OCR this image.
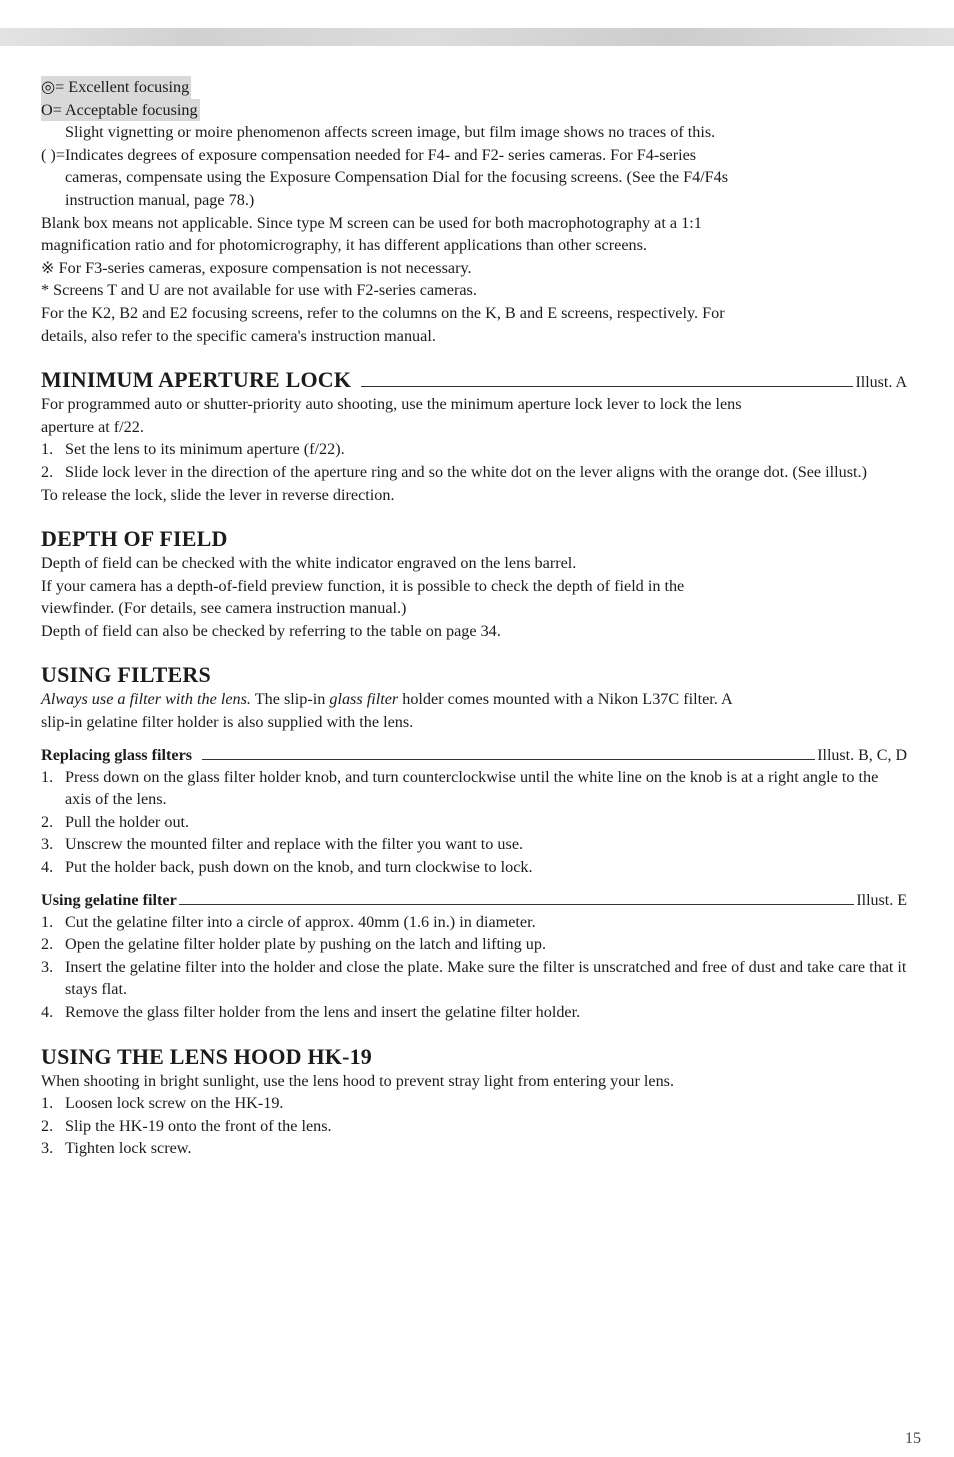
◎= Excellent focusing
O= Acceptable focusing
Slight vignetting or moire phenomenon affects screen image, but film image shows no traces of this.
( )=Indicates degrees of exposure compensation needed for F4- and F2- series cameras. For F4-series
cameras, compensate using the Exposure Compensation Dial for the focusing screens. (See the F4/F4s
instruction manual, page 78.)
Blank box means not applicable. Since type M screen can be used for both macrophotography at a 1:1
magnification ratio and for photomicrography, it has different applications than other screens.
※ For F3-series cameras, exposure compensation is not necessary.
* Screens T and U are not available for use with F2-series cameras.
For the K2, B2 and E2 focusing screens, refer to the columns on the K, B and E screens, respectively. For
details, also refer to the specific camera's instruction manual.
MINIMUM APERTURE LOCK	Illust. A
For programmed auto or shutter-priority auto shooting, use the minimum aperture lock lever to lock the lens
aperture at f/22.
1. Set the lens to its minimum aperture (f/22).
2. Slide lock lever in the direction of the aperture ring and so the white dot on the lever aligns with the orange dot. (See illust.)
To release the lock, slide the lever in reverse direction.
DEPTH OF FIELD
Depth of field can be checked with the white indicator engraved on the lens barrel.
If your camera has a depth-of-field preview function, it is possible to check the depth of field in the
viewfinder. (For details, see camera instruction manual.)
Depth of field can also be checked by referring to the table on page 34.
USING FILTERS
Always use a filter with the lens. The slip-in glass filter holder comes mounted with a Nikon L37C filter. A
slip-in gelatine filter holder is also supplied with the lens.
Replacing glass filters	Illust. B, C, D
1. Press down on the glass filter holder knob, and turn counterclockwise until the white line on the knob is at a right angle to the axis of the lens.
2. Pull the holder out.
3. Unscrew the mounted filter and replace with the filter you want to use.
4. Put the holder back, push down on the knob, and turn clockwise to lock.
Using gelatine filter	Illust. E
1. Cut the gelatine filter into a circle of approx. 40mm (1.6 in.) in diameter.
2. Open the gelatine filter holder plate by pushing on the latch and lifting up.
3. Insert the gelatine filter into the holder and close the plate. Make sure the filter is unscratched and free of dust and take care that it stays flat.
4. Remove the glass filter holder from the lens and insert the gelatine filter holder.
USING THE LENS HOOD HK-19
When shooting in bright sunlight, use the lens hood to prevent stray light from entering your lens.
1. Loosen lock screw on the HK-19.
2. Slip the HK-19 onto the front of the lens.
3. Tighten lock screw.
15
